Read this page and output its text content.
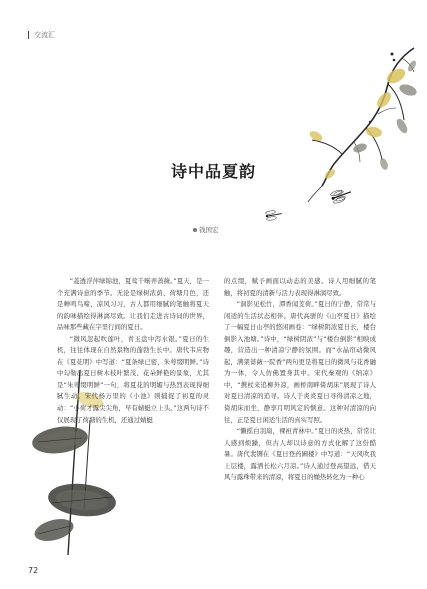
交流汇
诗中品夏韵
钱国宏

“菱透浮萍绿锦池，夏莺千啭弄蔷薇。”夏天，是一个充满诗意的季节。无论是绿树浓荫、荷塘月色，还是蝉鸣鸟啼、凉风习习，古人都用细腻的笔触将夏天的韵味描绘得淋漓尽致。让我们走进古诗词的世界，品味那些藏在字里行间的夏日。

“微风忽起吹莲叶，青玉盘中泻水银。”夏日的生机，往往体现在自然景物的蓬勃生长中。唐代韦应物在《夏花明》中写道：“夏条绿已密，朱萼缀明鲜。”诗中勾勒出夏日树木枝叶繁茂、花朵鲜艳的景象，尤其是“朱萼缀明鲜”一句，将夏花的明媚与热烈表现得细腻生动。宋代杨万里的《小池》则捕捉了初夏的灵动：“小荷才露尖尖角，早有蜻蜓立上头。”这两句诗不仅展现了荷塘的生机，还通过蜻蜓

的点缀，赋予画面以动态的美感。诗人用细腻的笔触，将初夏的清新与活力表现得淋漓尽致。

“洞影见松竹，潭香闻芰荷。”夏日的宁静，常常与闲适的生活状态相伴。唐代高骈的《山亭夏日》描绘了一幅夏日山亭的悠闲画卷：“绿树阴浓夏日长，楼台倒影入池塘。”诗中，“绿树阴浓”与“楼台倒影”相映成趣，营造出一种清凉宁静的氛围。而“水晶帘动微风起，满架蔷薇一院香”两句更是将夏日的微风与花香融为一体，令人仿佛置身其中。宋代秦观的《纳凉》中，“携杖来追柳外凉，画桥南畔倚胡床”展现了诗人对夏日清凉的追寻。诗人于炎炎夏日寻得清凉之地，倚胡床而坐，静享月明风定的惬意。这种对清凉的向往，正是夏日闲适生活的真实写照。

“懒摇白羽扇，裸袒青林中。”夏日的炎热，常常让人感到烦躁，但古人却以诗意的方式化解了这份酷暑。唐代裴铏在《夏日登药圃楼》中写道：“天风吹我上层楼，露洒长松六月凉。”诗人通过登高望远，借天风与露珠带来的清凉，将夏日的燥热转化为一种心

72
